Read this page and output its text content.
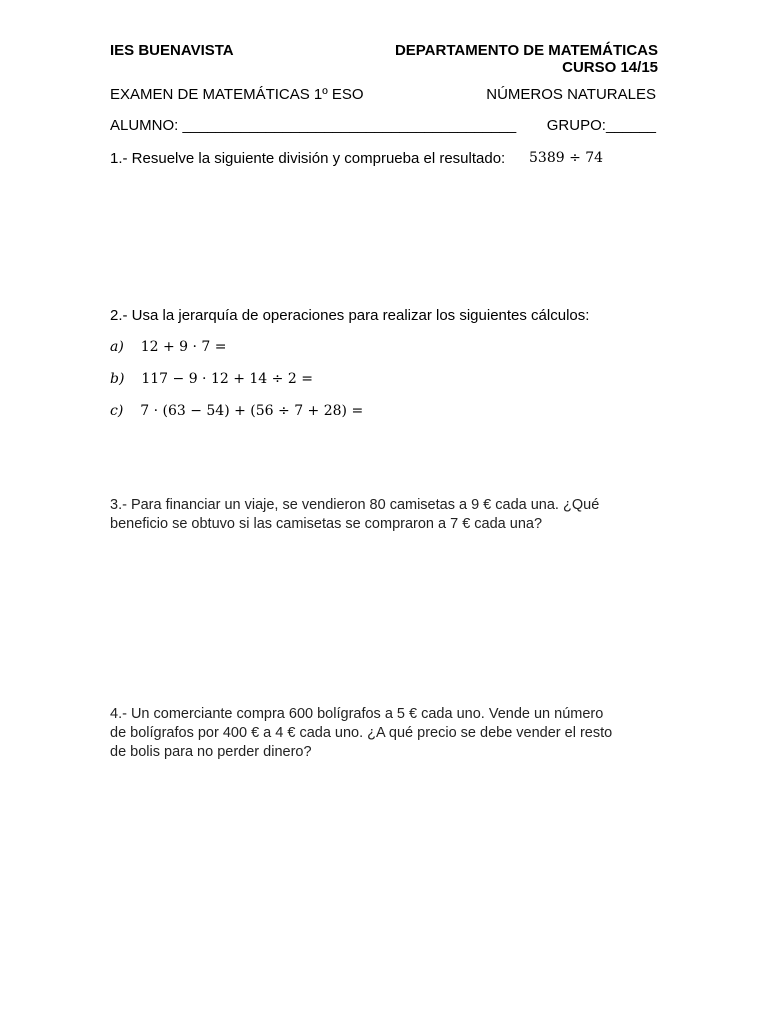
IES BUENAVISTA	DEPARTAMENTO DE MATEMÁTICAS
CURSO 14/15
EXAMEN DE MATEMÁTICAS 1º ESO	NÚMEROS NATURALES
ALUMNO: ________________________________________ GRUPO:______
1.- Resuelve la siguiente división y comprueba el resultado: 5389 ÷ 74
2.- Usa la jerarquía de operaciones para realizar los siguientes cálculos:
a) 12 + 9 · 7 =
b) 117 − 9 · 12 + 14 ÷ 2 =
c) 7 · (63 − 54) + (56 ÷ 7 + 28) =
3.- Para financiar un viaje, se vendieron 80 camisetas a 9 € cada una. ¿Qué
beneficio se obtuvo si las camisetas se compraron a 7 € cada una?
4.- Un comerciante compra 600 bolígrafos a 5 € cada uno. Vende un número
de bolígrafos por 400 € a 4 € cada uno. ¿A qué precio se debe vender el resto
de bolis para no perder dinero?
